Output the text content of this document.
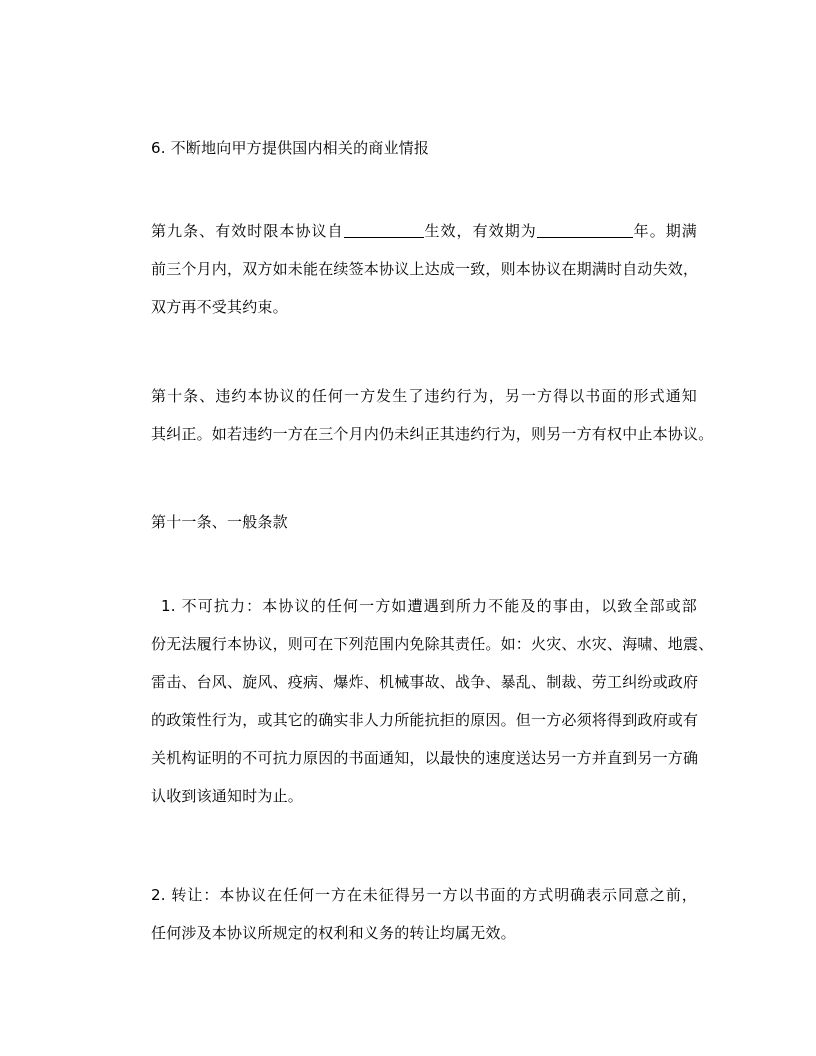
6. 不断地向甲方提供国内相关的商业情报

第九条、有效时限本协议自	生效，有效期为	年。期满
前三个月内，双方如未能在续签本协议上达成一致，则本协议在期满时自动失效，
双方再不受其约束。

第十条、违约本协议的任何一方发生了违约行为，另一方得以书面的形式通知
其纠正。如若违约一方在三个月内仍未纠正其违约行为，则另一方有权中止本协议。

第十一条、一般条款

1. 不可抗力：本协议的任何一方如遭遇到所力不能及的事由，以致全部或部
份无法履行本协议，则可在下列范围内免除其责任。如：火灾、水灾、海啸、地震、
雷击、台风、旋风、疫病、爆炸、机械事故、战争、暴乱、制裁、劳工纠纷或政府
的政策性行为，或其它的确实非人力所能抗拒的原因。但一方必须将得到政府或有
关机构证明的不可抗力原因的书面通知，以最快的速度送达另一方并直到另一方确
认收到该通知时为止。

2. 转让：本协议在任何一方在未征得另一方以书面的方式明确表示同意之前，
任何涉及本协议所规定的权利和义务的转让均属无效。
